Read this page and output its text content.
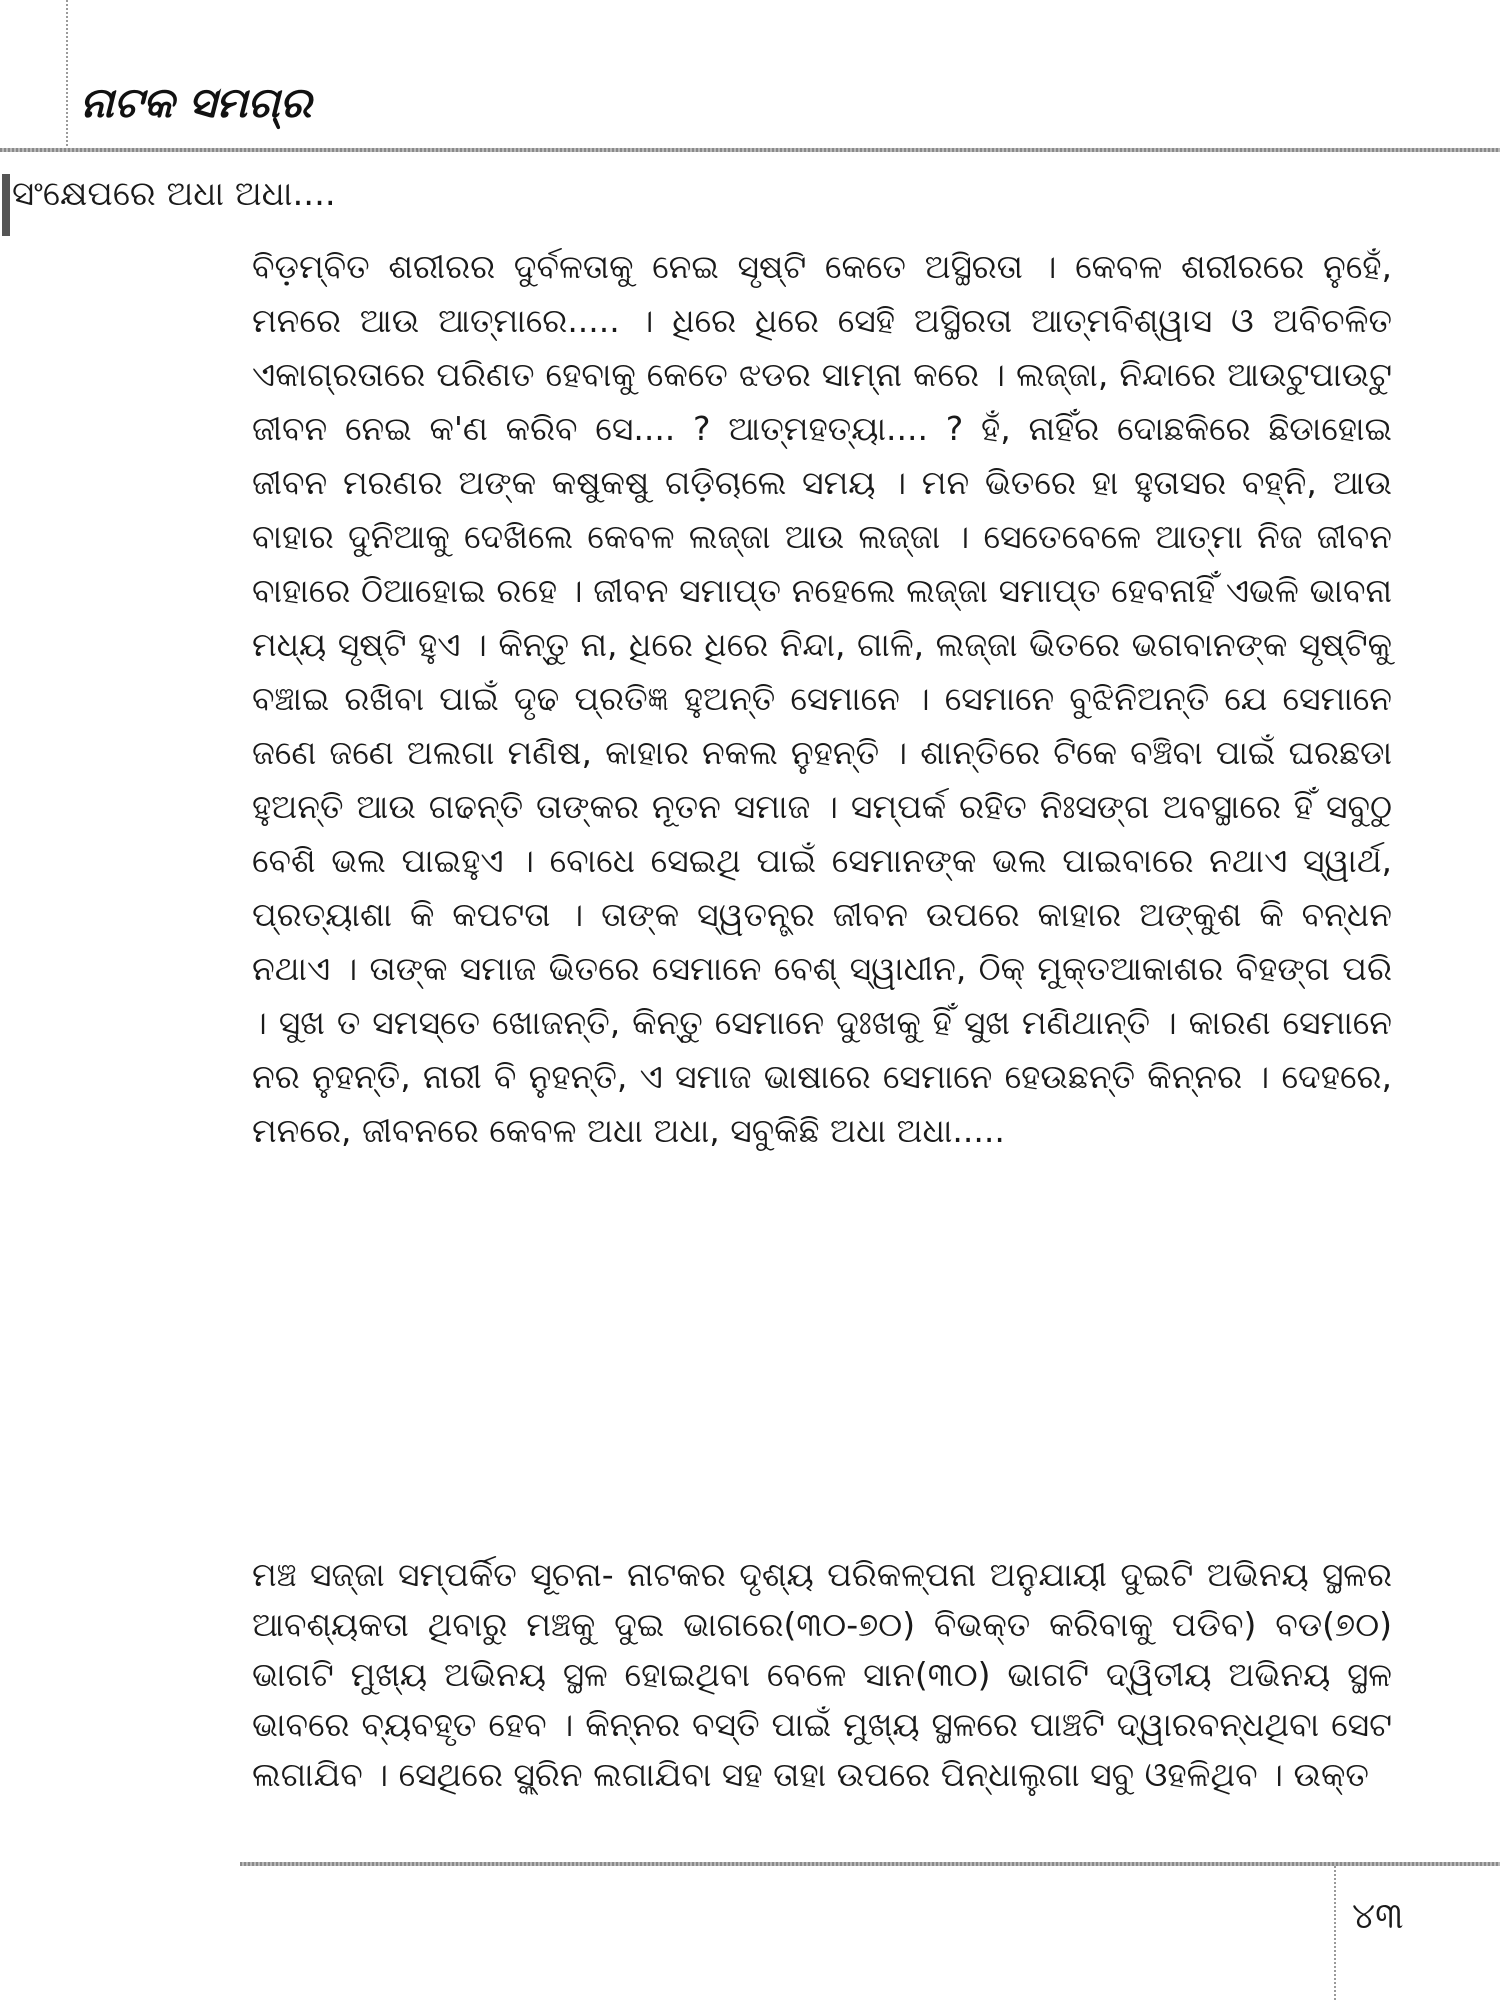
ନାଟକ ସମଗ୍ର
ସଂକ୍ଷେପରେ ଅଧା ଅଧା....

ବିଡ଼ମ୍ବିତ ଶରୀରର ଦୁର୍ବଳତାକୁ ନେଇ ସୃଷ୍ଟି କେତେ ଅସ୍ଥିରତା । କେବଳ ଶରୀରରେ ନୁହେଁ, ମନରେ ଆଉ ଆତ୍ମାରେ..... । ଧିରେ ଧିରେ ସେହି ଅସ୍ଥିରତା ଆତ୍ମବିଶ୍ୱାସ ଓ ଅବିଚଳିତ ଏକାଗ୍ରତାରେ ପରିଣତ ହେବାକୁ କେତେ ଝଡର ସାମ୍ନା କରେ । ଲଜ୍ଜା, ନିନ୍ଦାରେ ଆଉଟୁପାଉଟୁ ଜୀବନ ନେଇ କ'ଣ କରିବ ସେ.... ? ଆତ୍ମହତ୍ୟା.... ? ହଁ, ନାହିଁର ଦୋଛକିରେ ଛିଡାହୋଇ ଜୀବନ ମରଣର ଅଙ୍କ କଷୁକଷୁ ଗଡ଼ିଚାଲେ ସମୟ । ମନ ଭିତରେ ହା ହୁତାସର ବହ୍ନି, ଆଉ ବାହାର ଦୁନିଆକୁ ଦେଖିଲେ କେବଳ ଲଜ୍ଜା ଆଉ ଲଜ୍ଜା । ସେତେବେଳେ ଆତ୍ମା ନିଜ ଜୀବନ ବାହାରେ ଠିଆହୋଇ ରହେ । ଜୀବନ ସମାପ୍ତ ନହେଲେ ଲଜ୍ଜା ସମାପ୍ତ ହେବନାହିଁ ଏଭଳି ଭାବନା ମଧ୍ୟ ସୃଷ୍ଟି ହୁଏ । କିନ୍ତୁ ନା, ଧିରେ ଧିରେ ନିନ୍ଦା, ଗାଳି, ଲଜ୍ଜା ଭିତରେ ଭଗବାନଙ୍କ ସୃଷ୍ଟିକୁ ବଞ୍ଚାଇ ରଖିବା ପାଇଁ ଦୃଢ ପ୍ରତିଜ୍ଞ ହୁଅନ୍ତି ସେମାନେ । ସେମାନେ ବୁଝିନିଅନ୍ତି ଯେ ସେମାନେ ଜଣେ ଜଣେ ଅଲଗା ମଣିଷ, କାହାର ନକଲ ନୁହନ୍ତି । ଶାନ୍ତିରେ ଟିକେ ବଞ୍ଚିବା ପାଇଁ ଘରଛଡା ହୁଅନ୍ତି ଆଉ ଗଢନ୍ତି ତାଙ୍କର ନୂତନ ସମାଜ । ସମ୍ପର୍କ ରହିତ ନିଃସଙ୍ଗ ଅବସ୍ଥାରେ ହିଁ ସବୁଠୁ ବେଶି ଭଲ ପାଇହୁଏ । ବୋଧେ ସେଇଥି ପାଇଁ ସେମାନଙ୍କ ଭଲ ପାଇବାରେ ନଥାଏ ସ୍ୱାର୍ଥ, ପ୍ରତ୍ୟାଶା କି କପଟତା । ତାଙ୍କ ସ୍ୱତନ୍ତ୍ର ଜୀବନ ଉପରେ କାହାର ଅଙ୍କୁଶ କି ବନ୍ଧନ ନଥାଏ । ତାଙ୍କ ସମାଜ ଭିତରେ ସେମାନେ ବେଶ୍ ସ୍ୱାଧୀନ, ଠିକ୍ ମୁକ୍ତଆକାଶର ବିହଙ୍ଗ ପରି । ସୁଖ ତ ସମସ୍ତେ ଖୋଜନ୍ତି, କିନ୍ତୁ ସେମାନେ ଦୁଃଖକୁ ହିଁ ସୁଖ ମଣିଥାନ୍ତି । କାରଣ ସେମାନେ ନର ନୁହନ୍ତି, ନାରୀ ବି ନୁହନ୍ତି, ଏ ସମାଜ ଭାଷାରେ ସେମାନେ ହେଉଛନ୍ତି କିନ୍ନର । ଦେହରେ, ମନରେ, ଜୀବନରେ କେବଳ ଅଧା ଅଧା, ସବୁକିଛି ଅଧା ଅଧା.....

ମଞ୍ଚ ସଜ୍ଜା ସମ୍ପର୍କିତ ସୂଚନା- ନାଟକର ଦୃଶ୍ୟ ପରିକଳ୍ପନା ଅନୁଯାୟୀ ଦୁଇଟି ଅଭିନୟ ସ୍ଥଳର ଆବଶ୍ୟକତା ଥିବାରୁ ମଞ୍ଚକୁ ଦୁଇ ଭାଗରେ(୩୦-୭୦) ବିଭକ୍ତ କରିବାକୁ ପଡିବ) ବଡ(୭୦) ଭାଗଟି ମୁଖ୍ୟ ଅଭିନୟ ସ୍ଥଳ ହୋଇଥିବା ବେଳେ ସାନ(୩୦) ଭାଗଟି ଦ୍ୱିତୀୟ ଅଭିନୟ ସ୍ଥଳ ଭାବରେ ବ୍ୟବହୃତ ହେବ । କିନ୍ନର ବସ୍ତି ପାଇଁ ମୁଖ୍ୟ ସ୍ଥଳରେ ପାଞ୍ଚଟି ଦ୍ୱାରବନ୍ଧଥିବା ସେଟ ଲଗାଯିବ । ସେଥିରେ ସ୍କ୍ରିନ ଲଗାଯିବା ସହ ତାହା ଉପରେ ପିନ୍ଧାଲୁଗା ସବୁ ଓହଳିଥିବ । ଉକ୍ତ

୪୩
